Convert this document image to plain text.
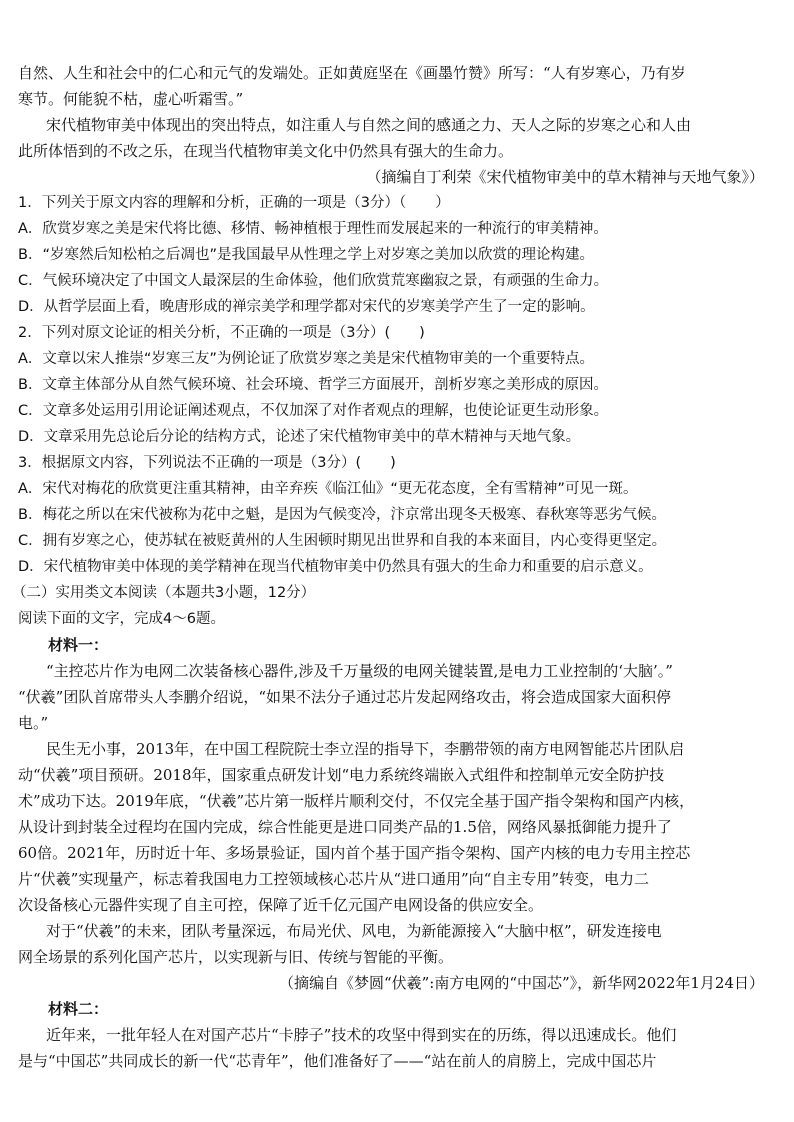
自然、人生和社会中的仁心和元气的发端处。正如黄庭坚在《画墨竹赞》所写：“人有岁寒心，乃有岁
寒节。何能貌不枯，虚心听霜雪。”
宋代植物审美中体现出的突出特点，如注重人与自然之间的感通之力、天人之际的岁寒之心和人由
此所体悟到的不改之乐，在现当代植物审美文化中仍然具有强大的生命力。
（摘编自丁利荣《宋代植物审美中的草木精神与天地气象》）
1．下列关于原文内容的理解和分析，正确的一项是（3分）（　　）
A．欣赏岁寒之美是宋代将比德、移情、畅神植根于理性而发展起来的一种流行的审美精神。
B．“岁寒然后知松柏之后凋也”是我国最早从性理之学上对岁寒之美加以欣赏的理论构建。
C．气候环境决定了中国文人最深层的生命体验，他们欣赏荒寒幽寂之景，有顽强的生命力。
D．从哲学层面上看，晚唐形成的禅宗美学和理学都对宋代的岁寒美学产生了一定的影响。
2．下列对原文论证的相关分析，不正确的一项是（3分）(　　)
A．文章以宋人推崇“岁寒三友”为例论证了欣赏岁寒之美是宋代植物审美的一个重要特点。
B．文章主体部分从自然气候环境、社会环境、哲学三方面展开，剖析岁寒之美形成的原因。
C．文章多处运用引用论证阐述观点，不仅加深了对作者观点的理解，也使论证更生动形象。
D．文章采用先总论后分论的结构方式，论述了宋代植物审美中的草木精神与天地气象。
3．根据原文内容，下列说法不正确的一项是（3分）(　　)
A．宋代对梅花的欣赏更注重其精神，由辛弃疾《临江仙》“更无花态度，全有雪精神”可见一斑。
B．梅花之所以在宋代被称为花中之魁，是因为气候变冷，汴京常出现冬天极寒、春秋寒等恶劣气候。
C．拥有岁寒之心，使苏轼在被贬黄州的人生困顿时期见出世界和自我的本来面目，内心变得更坚定。
D．宋代植物审美中体现的美学精神在现当代植物审美中仍然具有强大的生命力和重要的启示意义。
（二）实用类文本阅读（本题共3小题，12分）
阅读下面的文字，完成4～6题。
材料一：
“主控芯片作为电网二次装备核心器件,涉及千万量级的电网关键装置,是电力工业控制的‘大脑’。”
“伏羲”团队首席带头人李鹏介绍说，“如果不法分子通过芯片发起网络攻击，将会造成国家大面积停
电。”
民生无小事，2013年，在中国工程院院士李立浧的指导下，李鹏带领的南方电网智能芯片团队启
动“伏羲”项目预研。2018年，国家重点研发计划“电力系统终端嵌入式组件和控制单元安全防护技
术”成功下达。2019年底，“伏羲”芯片第一版样片顺利交付，不仅完全基于国产指令架构和国产内核，
从设计到封装全过程均在国内完成，综合性能更是进口同类产品的1.5倍，网络风暴抵御能力提升了
60倍。2021年，历时近十年、多场景验证，国内首个基于国产指令架构、国产内核的电力专用主控芯
片“伏羲”实现量产，标志着我国电力工控领域核心芯片从“进口通用”向“自主专用”转变，电力二
次设备核心元器件实现了自主可控，保障了近千亿元国产电网设备的供应安全。
对于“伏羲”的未来，团队考量深远，布局光伏、风电，为新能源接入“大脑中枢”，研发连接电
网全场景的系列化国产芯片，以实现新与旧、传统与智能的平衡。
（摘编自《梦圆“伏羲”:南方电网的“中国芯”》，新华网2022年1月24日）
材料二：
近年来，一批年轻人在对国产芯片“卡脖子”技术的攻坚中得到实在的历练，得以迅速成长。他们
是与“中国芯”共同成长的新一代“芯青年”，他们准备好了——“站在前人的肩膀上，完成中国芯片
